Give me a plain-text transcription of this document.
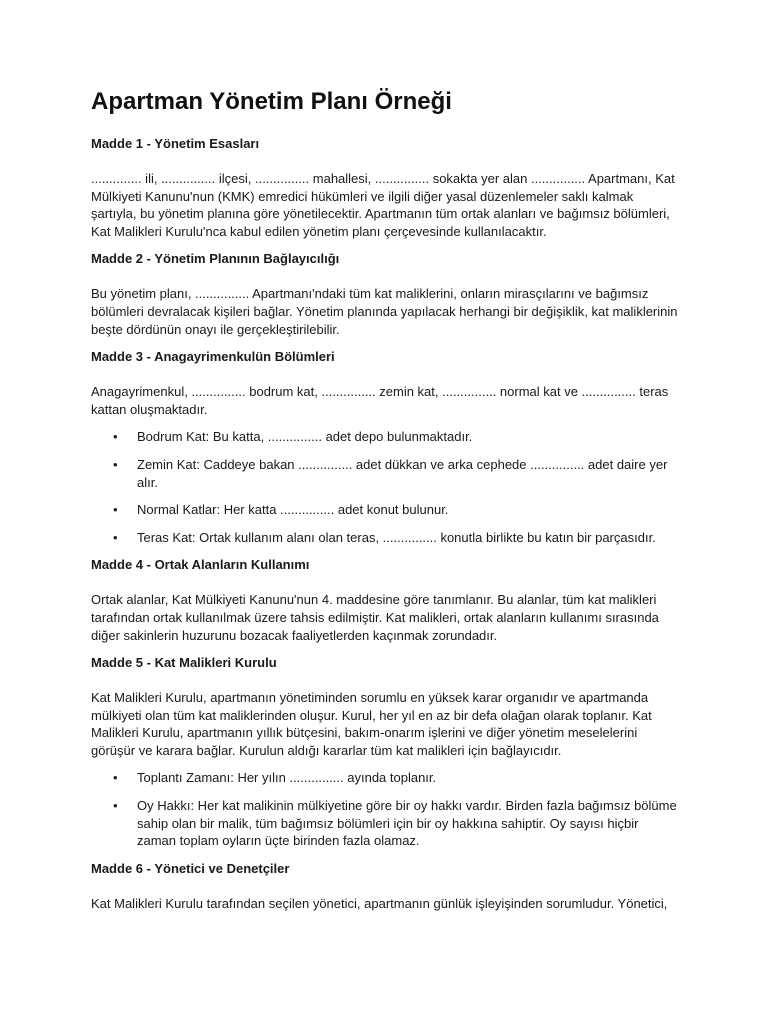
Apartman Yönetim Planı Örneği
Madde 1 - Yönetim Esasları

.............. ili, ............... ilçesi, ............... mahallesi, ............... sokakta yer alan ............... Apartmanı, Kat Mülkiyeti Kanunu'nun (KMK) emredici hükümleri ve ilgili diğer yasal düzenlemeler saklı kalmak şartıyla, bu yönetim planına göre yönetilecektir. Apartmanın tüm ortak alanları ve bağımsız bölümleri, Kat Malikleri Kurulu'nca kabul edilen yönetim planı çerçevesinde kullanılacaktır.

Madde 2 - Yönetim Planının Bağlayıcılığı

Bu yönetim planı, ............... Apartmanı'ndaki tüm kat maliklerini, onların mirasçılarını ve bağımsız bölümleri devralacak kişileri bağlar. Yönetim planında yapılacak herhangi bir değişiklik, kat maliklerinin beşte dördünün onayı ile gerçekleştirilebilir.

Madde 3 - Anagayrimenkulün Bölümleri

Anagayrimenkul, ............... bodrum kat, ............... zemin kat, ............... normal kat ve ............... teras kattan oluşmaktadır.

• Bodrum Kat: Bu katta, ............... adet depo bulunmaktadır.
• Zemin Kat: Caddeye bakan ............... adet dükkan ve arka cephede ............... adet daire yer alır.
• Normal Katlar: Her katta ............... adet konut bulunur.
• Teras Kat: Ortak kullanım alanı olan teras, ............... konutla birlikte bu katın bir parçasıdır.
Madde 4 - Ortak Alanların Kullanımı

Ortak alanlar, Kat Mülkiyeti Kanunu'nun 4. maddesine göre tanımlanır. Bu alanlar, tüm kat malikleri tarafından ortak kullanılmak üzere tahsis edilmiştir. Kat malikleri, ortak alanların kullanımı sırasında diğer sakinlerin huzurunu bozacak faaliyetlerden kaçınmak zorundadır.

Madde 5 - Kat Malikleri Kurulu

Kat Malikleri Kurulu, apartmanın yönetiminden sorumlu en yüksek karar organıdır ve apartmanda mülkiyeti olan tüm kat maliklerinden oluşur. Kurul, her yıl en az bir defa olağan olarak toplanır. Kat Malikleri Kurulu, apartmanın yıllık bütçesini, bakım-onarım işlerini ve diğer yönetim meselelerini görüşür ve karara bağlar. Kurulun aldığı kararlar tüm kat malikleri için bağlayıcıdır.

• Toplantı Zamanı: Her yılın ............... ayında toplanır.
• Oy Hakkı: Her kat malikinin mülkiyetine göre bir oy hakkı vardır. Birden fazla bağımsız bölüme sahip olan bir malik, tüm bağımsız bölümleri için bir oy hakkına sahiptir. Oy sayısı hiçbir zaman toplam oyların üçte birinden fazla olamaz.
Madde 6 - Yönetici ve Denetçiler

Kat Malikleri Kurulu tarafından seçilen yönetici, apartmanın günlük işleyişinden sorumludur. Yönetici,
